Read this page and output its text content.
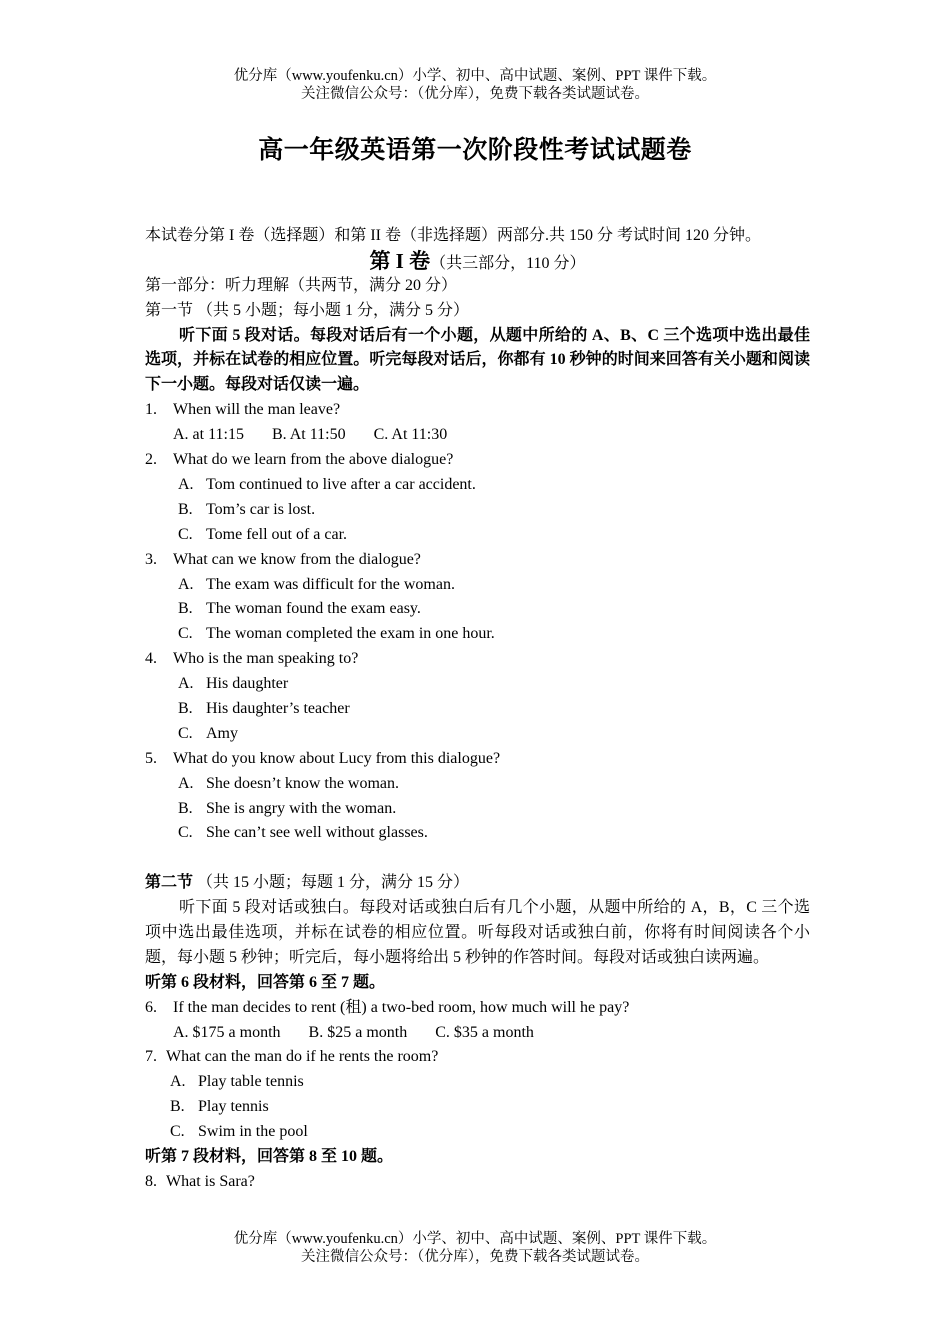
优分库（www.youfenku.cn）小学、初中、高中试题、案例、PPT 课件下载。
关注微信公众号：（优分库），免费下载各类试题试卷。
高一年级英语第一次阶段性考试试题卷
本试卷分第 I 卷（选择题）和第 II 卷（非选择题）两部分.共 150 分 考试时间 120 分钟。
第 I 卷（共三部分，110 分）
第一部分：听力理解（共两节，满分 20 分）
第一节 （共 5 小题；每小题 1 分，满分 5 分）
听下面 5 段对话。每段对话后有一个小题，从题中所给的 A、B、C 三个选项中选出最佳选项，并标在试卷的相应位置。听完每段对话后，你都有 10 秒钟的时间来回答有关小题和阅读下一小题。每段对话仅读一遍。
1. When will the man leave?
A. at 11:15 B. At 11:50 C. At 11:30
2. What do we learn from the above dialogue?
A. Tom continued to live after a car accident.
B. Tom’s car is lost.
C. Tome fell out of a car.
3. What can we know from the dialogue?
A. The exam was difficult for the woman.
B. The woman found the exam easy.
C. The woman completed the exam in one hour.
4. Who is the man speaking to?
A. His daughter
B. His daughter’s teacher
C. Amy
5. What do you know about Lucy from this dialogue?
A. She doesn’t know the woman.
B. She is angry with the woman.
C. She can’t see well without glasses.
第二节 （共 15 小题；每题 1 分，满分 15 分）
听下面 5 段对话或独白。每段对话或独白后有几个小题，从题中所给的 A，B，C 三个选项中选出最佳选项，并标在试卷的相应位置。听每段对话或独白前，你将有时间阅读各个小题，每小题 5 秒钟；听完后，每小题将给出 5 秒钟的作答时间。每段对话或独白读两遍。
听第 6 段材料，回答第 6 至 7 题。
6. If the man decides to rent (租) a two-bed room, how much will he pay?
A. $175 a month B. $25 a month C. $35 a month
7. What can the man do if he rents the room?
A. Play table tennis
B. Play tennis
C. Swim in the pool
听第 7 段材料，回答第 8 至 10 题。
8. What is Sara?
优分库（www.youfenku.cn）小学、初中、高中试题、案例、PPT 课件下载。
关注微信公众号：（优分库），免费下载各类试题试卷。
